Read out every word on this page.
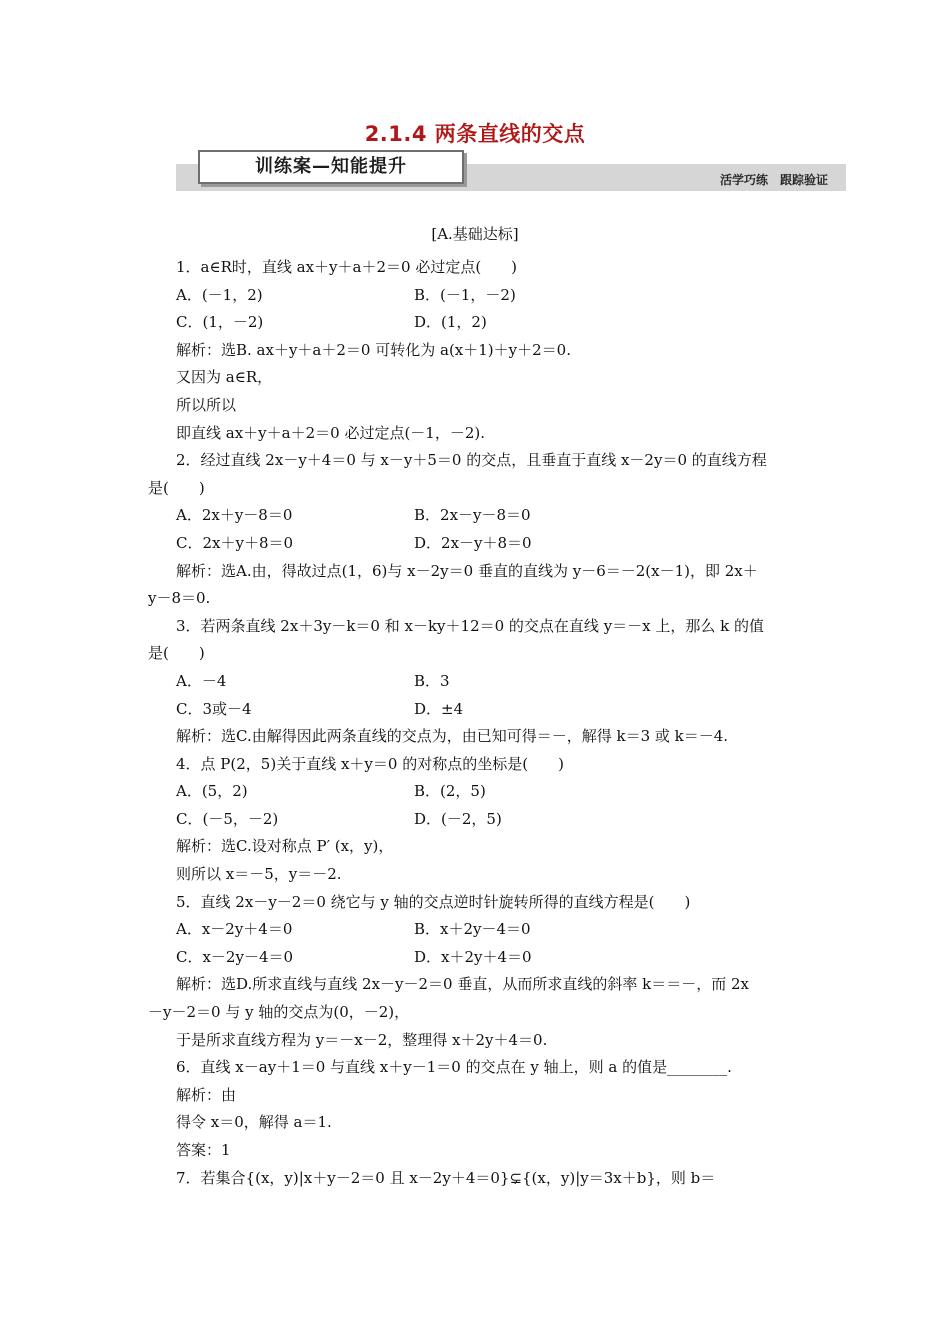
2.1.4 两条直线的交点
训练案—知能提升
活学巧练　跟踪验证
[A.基础达标]
1．a∈R时，直线 ax＋y＋a＋2＝0 必过定点(　　)
A．(－1，2)	B．(－1，－2)
C．(1，－2)	D．(1，2)
解析：选B. ax＋y＋a＋2＝0 可转化为 a(x＋1)＋y＋2＝0.
又因为 a∈R，
所以所以
即直线 ax＋y＋a＋2＝0 必过定点(－1，－2).
2．经过直线 2x－y＋4＝0 与 x－y＋5＝0 的交点，且垂直于直线 x－2y＝0 的直线方程
是(　　)
A．2x＋y－8＝0	B．2x－y－8＝0
C．2x＋y＋8＝0	D．2x－y＋8＝0
解析：选A.由，得故过点(1，6)与 x－2y＝0 垂直的直线为 y－6＝－2(x－1)，即 2x＋
y－8＝0.
3．若两条直线 2x＋3y－k＝0 和 x－ky＋12＝0 的交点在直线 y＝－x 上，那么 k 的值
是(　　)
A．－4	B．3
C．3或－4	D．±4
解析：选C.由解得因此两条直线的交点为，由已知可得＝－，解得 k＝3 或 k＝－4.
4．点 P(2，5)关于直线 x＋y＝0 的对称点的坐标是(　　)
A．(5，2)	B．(2，5)
C．(－5，－2)	D．(－2，5)
解析：选C.设对称点 P′ (x，y)，
则所以 x＝－5，y＝－2.
5．直线 2x－y－2＝0 绕它与 y 轴的交点逆时针旋转所得的直线方程是(　　)
A．x－2y＋4＝0	B．x＋2y－4＝0
C．x－2y－4＝0	D．x＋2y＋4＝0
解析：选D.所求直线与直线 2x－y－2＝0 垂直，从而所求直线的斜率 k＝＝－，而 2x
－y－2＝0 与 y 轴的交点为(0，－2)，
于是所求直线方程为 y＝－x－2，整理得 x＋2y＋4＝0.
6．直线 x－ay＋1＝0 与直线 x＋y－1＝0 的交点在 y 轴上，则 a 的值是________.
解析：由
得令 x＝0，解得 a＝1.
答案：1
7．若集合{(x，y)|x＋y－2＝0 且 x－2y＋4＝0}⊊{(x，y)|y＝3x＋b}，则 b＝
